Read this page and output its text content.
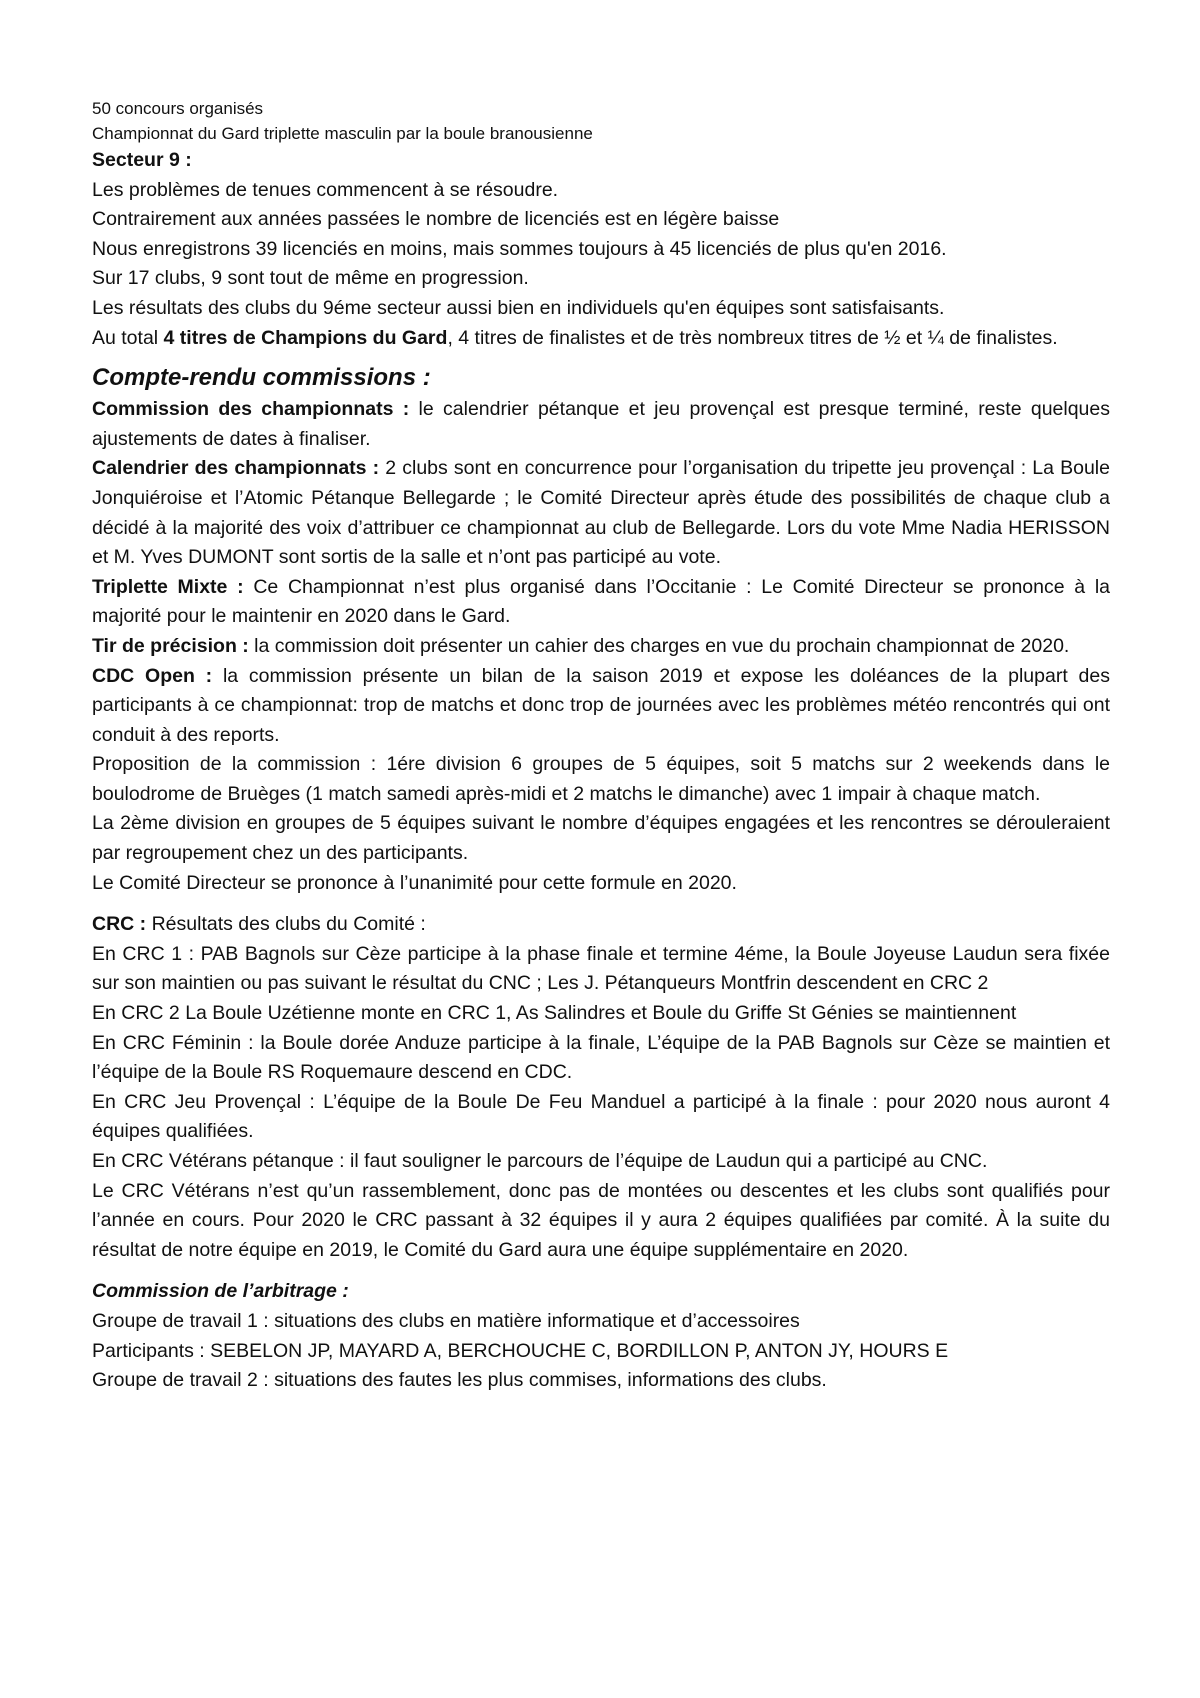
50 concours organisés

Championnat du Gard triplette masculin par la boule branousienne

Secteur 9 :

Les problèmes de tenues commencent à se résoudre.

Contrairement aux années passées le nombre de licenciés est en légère baisse

Nous enregistrons 39 licenciés en moins, mais sommes toujours à 45 licenciés de plus qu'en 2016.

Sur 17 clubs, 9 sont tout de même en progression.

Les résultats des clubs du 9éme secteur aussi bien en individuels qu'en équipes sont satisfaisants.

Au total 4 titres de Champions du Gard, 4 titres de finalistes et de très nombreux titres de ½ et ¼ de finalistes.

Compte-rendu commissions :

Commission des championnats : le calendrier pétanque et jeu provençal est presque terminé, reste quelques ajustements de dates à finaliser.

Calendrier des championnats : 2 clubs sont en concurrence pour l’organisation du tripette jeu provençal : La Boule Jonquiéroise et l’Atomic Pétanque Bellegarde ; le Comité Directeur après étude des possibilités de chaque club a décidé à la majorité des voix d’attribuer ce championnat au club de Bellegarde. Lors du vote Mme Nadia HERISSON et M. Yves DUMONT sont sortis de la salle et n’ont pas participé au vote.

Triplette Mixte : Ce Championnat n’est plus organisé dans l’Occitanie : Le Comité Directeur se prononce à la majorité pour le maintenir en 2020 dans le Gard.

Tir de précision : la commission doit présenter un cahier des charges en vue du prochain championnat de 2020.

CDC Open : la commission présente un bilan de la saison 2019 et expose les doléances de la plupart des participants à ce championnat: trop de matchs et donc trop de journées avec les problèmes météo rencontrés qui ont conduit à des reports.

Proposition de la commission : 1ére division 6 groupes de 5 équipes, soit 5 matchs sur 2 weekends dans le boulodrome de Bruèges (1 match samedi après-midi et 2 matchs le dimanche) avec 1 impair à chaque match.

La 2ème division en groupes de 5 équipes suivant le nombre d’équipes engagées et les rencontres se dérouleraient par regroupement chez un des participants.

Le Comité Directeur se prononce à l’unanimité pour cette formule en 2020.

CRC : Résultats des clubs du Comité :

En CRC 1 : PAB Bagnols sur Cèze participe à la phase finale et termine 4éme, la Boule Joyeuse Laudun sera fixée sur son maintien ou pas suivant le résultat du CNC ; Les J. Pétanqueurs Montfrin descendent en CRC 2

En CRC 2 La Boule Uzétienne monte en CRC 1, As Salindres et Boule du Griffe St Génies se maintiennent

En CRC Féminin : la Boule dorée Anduze participe à la finale, L’équipe de la PAB Bagnols sur Cèze se maintien et l’équipe de la Boule RS Roquemaure descend en CDC.

En CRC Jeu Provençal : L’équipe de la Boule De Feu Manduel a participé à la finale : pour 2020 nous auront 4 équipes qualifiées.

En CRC Vétérans pétanque : il faut souligner le parcours de l’équipe de Laudun qui a participé au CNC.

Le CRC Vétérans n’est qu’un rassemblement, donc pas de montées ou descentes et les clubs sont qualifiés pour l’année en cours. Pour 2020 le CRC passant à 32 équipes il y aura 2 équipes qualifiées par comité. À la suite du résultat de notre équipe en 2019, le Comité du Gard aura une équipe supplémentaire en 2020.

Commission de l’arbitrage :

Groupe de travail 1 : situations des clubs en matière informatique et d’accessoires

Participants : SEBELON JP, MAYARD A, BERCHOUCHE C, BORDILLON P, ANTON JY, HOURS E

Groupe de travail 2 : situations des fautes les plus commises, informations des clubs.
